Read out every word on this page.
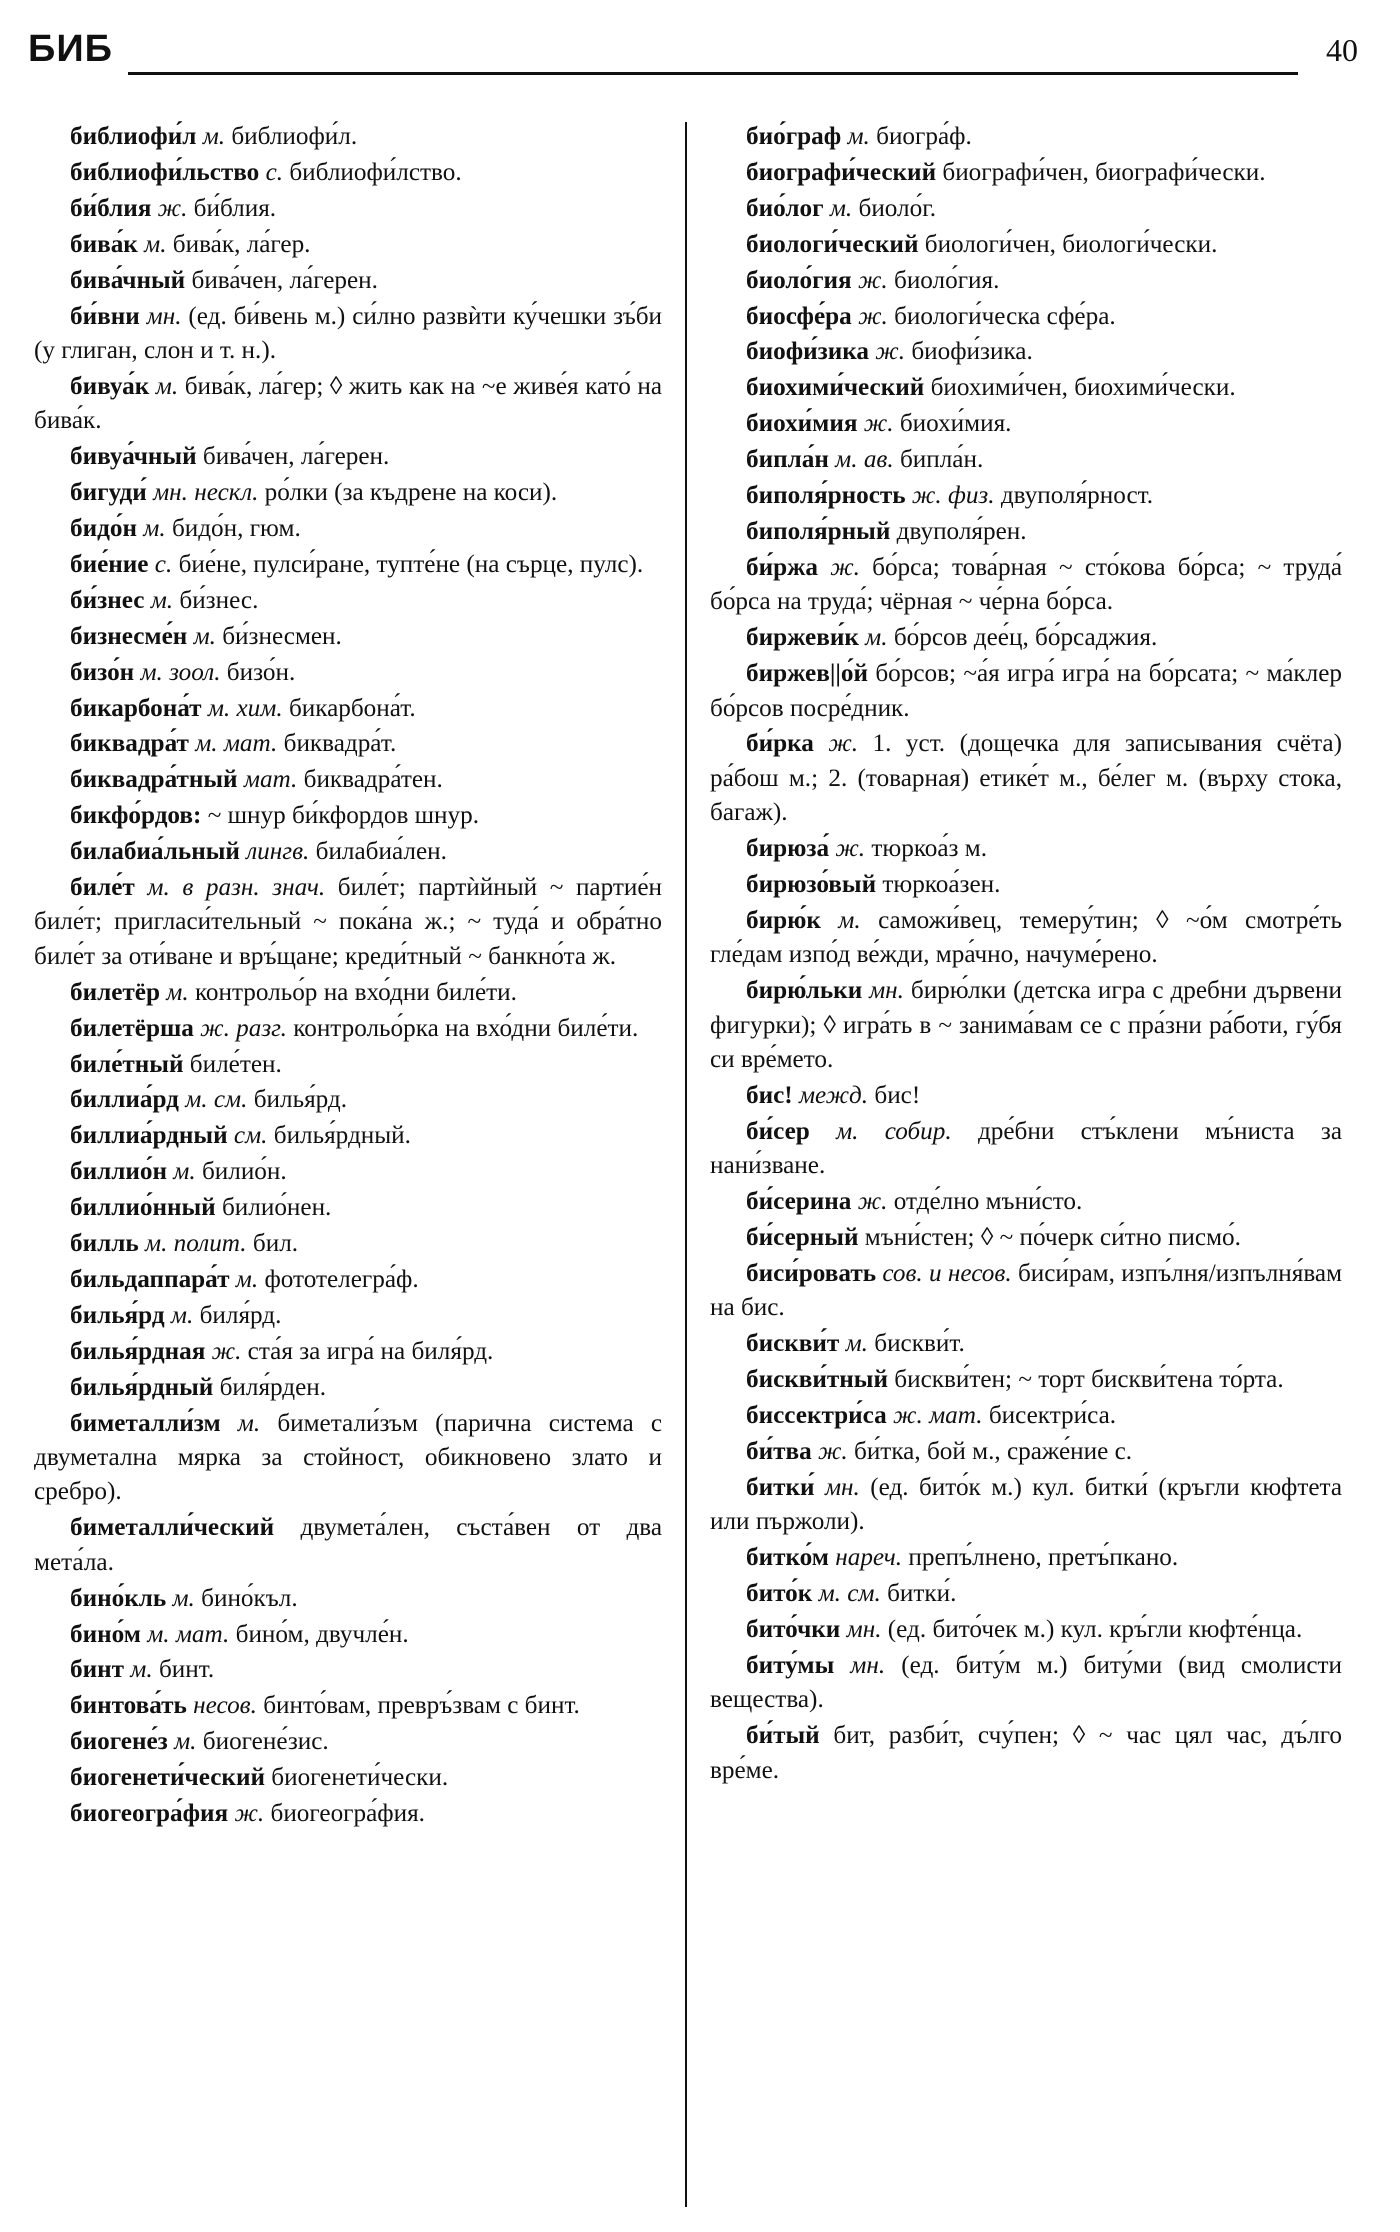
БИБ	40

библиофи́л м. библиофи́л.

библиофи́льство с. библиофи́лство.

би́блия ж. би́блия.

бива́к м. бива́к, ла́гер.

бива́чный бива́чен, ла́герен.

би́вни мн. (ед. би́вень м.) си́лно развѝти ку́чешки зъ́би (у глиган, слон и т. н.).

бивуа́к м. бива́к, ла́гер; ◊ жить как на ~е живе́я като́ на бива́к.

бивуа́чный бива́чен, ла́герен.

бигуди́ мн. нескл. ро́лки (за къдрене на коси).

бидо́н м. бидо́н, гюм.

бие́ние с. бие́не, пулси́ране, тупте́не (на сърце, пулс).

би́знес м. би́знес.

бизнесме́н м. би́знесмен.

бизо́н м. зоол. бизо́н.

бикарбона́т м. хим. бикарбона́т.

биквадра́т м. мат. биквадра́т.

биквадра́тный мат. биквадра́тен.

бикфо́рдов: ~ шнур би́кфордов шнур.

билабиа́льный лингв. билабиа́лен.

биле́т м. в разн. знач. биле́т; партѝйный ~ партие́н биле́т; пригласи́тельный ~ пока́на ж.; ~ туда́ и обра́тно биле́т за оти́ване и връ́щане; креди́тный ~ банкно́та ж.

билетёр м. контрольо́р на вхо́дни биле́ти.

билетёрша ж. разг. контрольо́рка на вхо́дни биле́ти.

биле́тный биле́тен.

биллиа́рд м. см. билья́рд.

биллиа́рдный см. билья́рдный.

биллио́н м. билио́н.

биллио́нный билио́нен.

билль м. полит. бил.

бильдаппара́т м. фототелегра́ф.

билья́рд м. биля́рд.

билья́рдная ж. ста́я за игра́ на биля́рд.

билья́рдный биля́рден.

биметалли́зм м. биметали́зъм (парична система с двуметална мярка за стойност, обикновено злато и сребро).

биметалли́ческий двумета́лен, съста́вен от два мета́ла.

бино́кль м. бино́къл.

бино́м м. мат. бино́м, двучле́н.

бинт м. бинт.

бинтова́ть несов. бинто́вам, превръ́звам с бинт.

биогене́з м. биогене́зис.

биогенети́ческий биогенети́чески.

биогеогра́фия ж. биогеогра́фия.

био́граф м. биогра́ф.

биографи́ческий биографи́чен, биографи́чески.

био́лог м. биоло́г.

биологи́ческий биологи́чен, биологи́чески.

биоло́гия ж. биоло́гия.

биосфе́ра ж. биологи́ческа сфе́ра.

биофи́зика ж. биофи́зика.

биохими́ческий биохими́чен, биохими́чески.

биохи́мия ж. биохи́мия.

бипла́н м. ав. бипла́н.

биполя́рность ж. физ. двуполя́рност.

биполя́рный двуполя́рен.

би́ржа ж. бо́рса; това́рная ~ сто́кова бо́рса; ~ труда́ бо́рса на труда́; чёрная ~ че́рна бо́рса.

биржеви́к м. бо́рсов дее́ц, бо́рсаджия.

биржев||о́й бо́рсов; ~а́я игра́ игра́ на бо́рсата; ~ ма́клер бо́рсов посре́дник.

би́рка ж. 1. уст. (дощечка для записывания счёта) ра́бош м.; 2. (товарная) етике́т м., бе́лег м. (върху стока, багаж).

бирюза́ ж. тюркоа́з м.

бирюзо́вый тюркоа́зен.

бирю́к м. саможи́вец, темеру́тин; ◊ ~о́м смотре́ть гле́дам изпо́д ве́жди, мра́чно, начуме́рено.

бирю́льки мн. бирю́лки (детска игра с дребни дървени фигурки); ◊ игра́ть в ~ занима́вам се с пра́зни ра́боти, гу́бя си вре́мето.

бис! межд. бис!

би́сер м. собир. дре́бни стъ́клени мъ́ниста за нани́зване.

би́серина ж. отде́лно мъни́сто.

би́серный мъни́стен; ◊ ~ по́черк си́тно писмо́.

биси́ровать сов. и несов. биси́рам, изпъ́лня/изпълня́вам на бис.

бискви́т м. бискви́т.

бискви́тный бискви́тен; ~ торт бискви́тена то́рта.

биссектри́са ж. мат. бисектри́са.

би́тва ж. би́тка, бой м., сраже́ние с.

битки́ мн. (ед. бито́к м.) кул. битки́ (кръгли кюфтета или пържоли).

битко́м нареч. препъ́лнено, претъ́пкано.

бито́к м. см. битки́.

бито́чки мн. (ед. бито́чек м.) кул. кръ́гли кюфте́нца.

биту́мы мн. (ед. биту́м м.) биту́ми (вид смолисти вещества).

би́тый бит, разби́т, счу́пен; ◊ ~ час цял час, дъ́лго вре́ме.
